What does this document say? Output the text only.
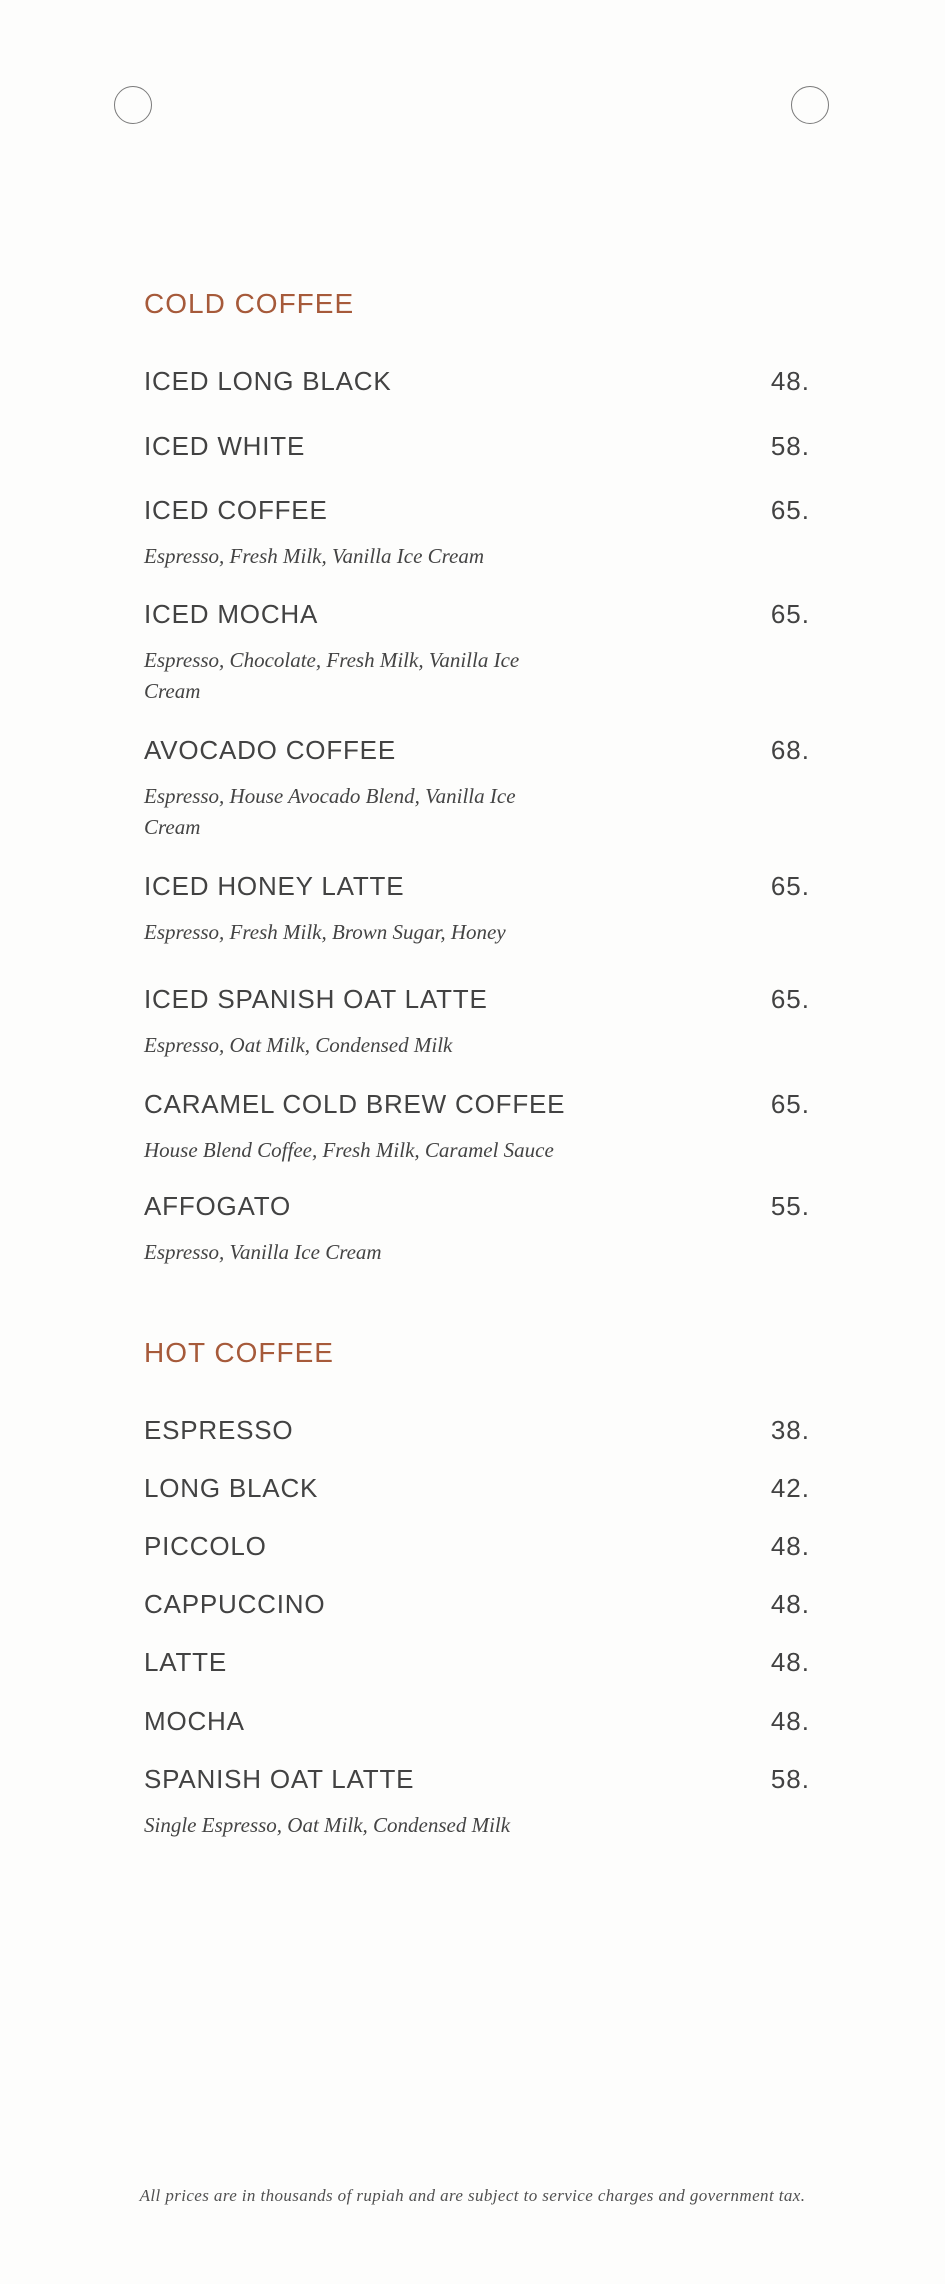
COLD COFFEE
ICED LONG BLACK	48.
ICED WHITE	58.
ICED COFFEE	65.
Espresso, Fresh Milk, Vanilla Ice Cream
ICED MOCHA	65.
Espresso, Chocolate, Fresh Milk, Vanilla Ice Cream
AVOCADO COFFEE	68.
Espresso, House Avocado Blend, Vanilla Ice Cream
ICED HONEY LATTE	65.
Espresso, Fresh Milk, Brown Sugar, Honey
ICED SPANISH OAT LATTE	65.
Espresso, Oat Milk, Condensed Milk
CARAMEL COLD BREW COFFEE	65.
House Blend Coffee, Fresh Milk, Caramel Sauce
AFFOGATO	55.
Espresso, Vanilla Ice Cream
HOT COFFEE
ESPRESSO	38.
LONG BLACK	42.
PICCOLO	48.
CAPPUCCINO	48.
LATTE	48.
MOCHA	48.
SPANISH OAT LATTE	58.
Single Espresso, Oat Milk, Condensed Milk
All prices are in thousands of rupiah and are subject to service charges and government tax.
